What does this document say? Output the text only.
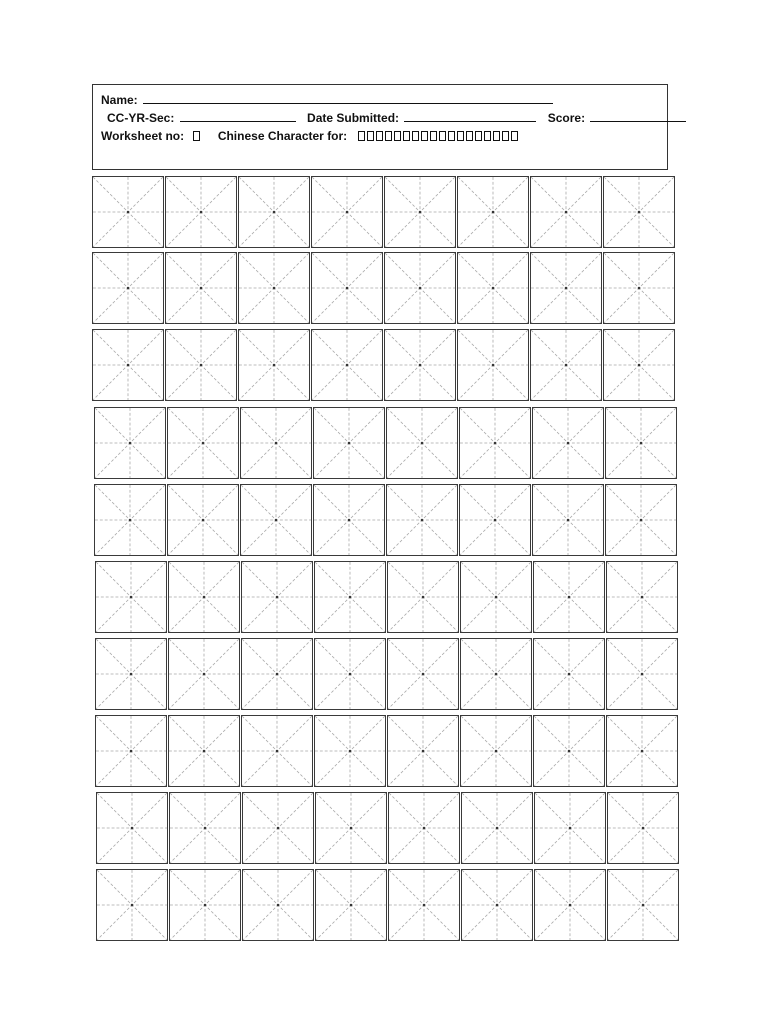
Name:
CC-YR-Sec:	Date Submitted:	Score:
Worksheet no:	Chinese Character for:
